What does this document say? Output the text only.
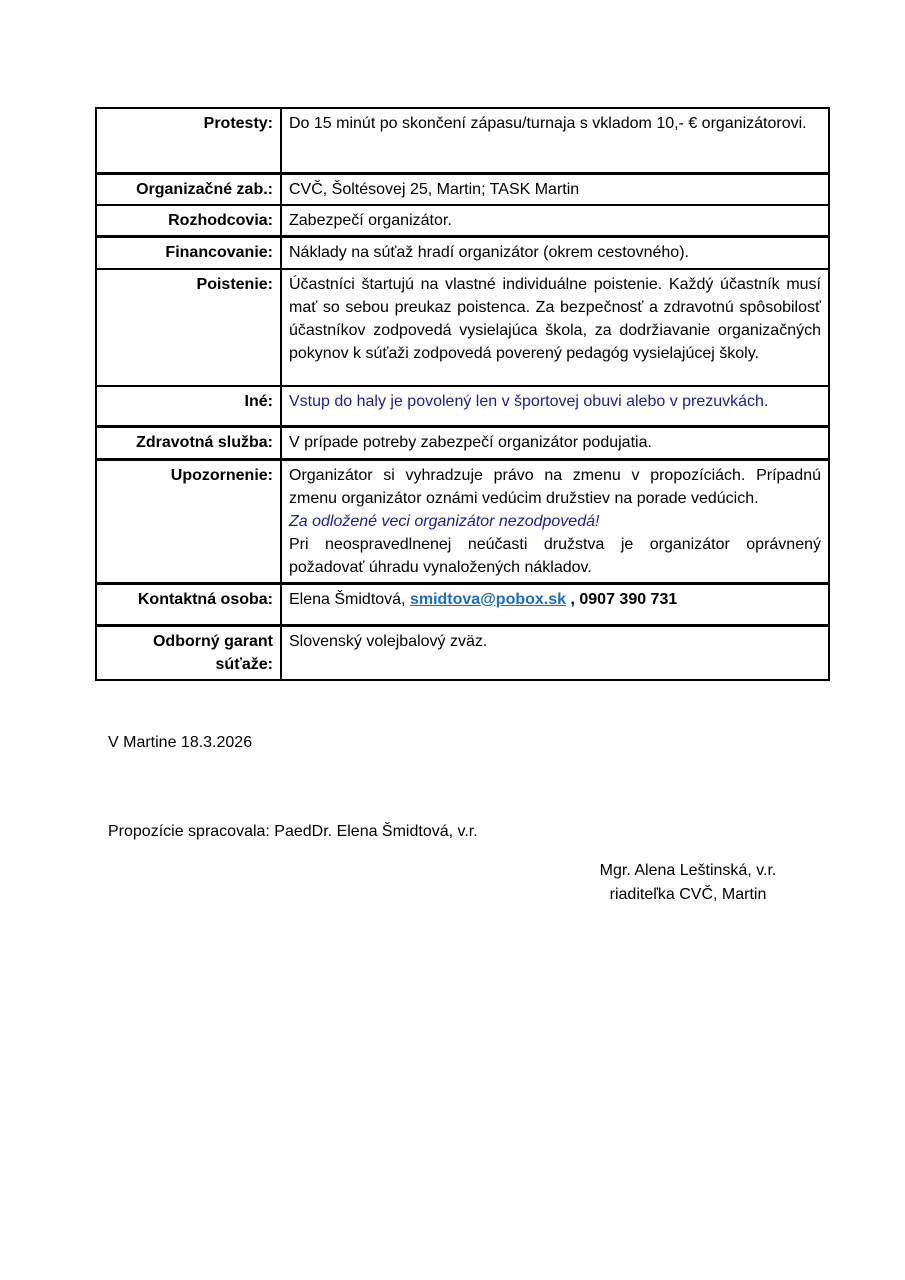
Protesty:	Do 15 minút po skončení zápasu/turnaja s vkladom 10,- € organizátorovi.
Organizačné zab.:	CVČ, Šoltésovej 25, Martin; TASK Martin
Rozhodcovia:	Zabezpečí organizátor.
Financovanie:	Náklady na súťaž hradí organizátor (okrem cestovného).
Poistenie:	Účastníci štartujú na vlastné individuálne poistenie. Každý účastník musí mať so sebou preukaz poistenca. Za bezpečnosť a zdravotnú spôsobilosť účastníkov zodpovedá vysielajúca škola, za dodržiavanie organizačných pokynov k súťaži zodpovedá poverený pedagóg vysielajúcej školy.
Iné:	Vstup do haly je povolený len v športovej obuvi alebo v prezuvkách.
Zdravotná služba:	V prípade potreby zabezpečí organizátor podujatia.
Upozornenie:	Organizátor si vyhradzuje právo na zmenu v propozíciách. Prípadnú zmenu organizátor oznámi vedúcim družstiev na porade vedúcich.
Za odložené veci organizátor nezodpovedá!
Pri neospravedlnenej neúčasti družstva je organizátor oprávnený požadovať úhradu vynaložených nákladov.

Kontaktná osoba:	Elena Šmidtová, smidtova@pobox.sk , 0907 390 731
Odborný garant súťaže:	Slovenský volejbalový zväz.
V Martine 18.3.2026
Propozície spracovala: PaedDr. Elena Šmidtová, v.r.
Mgr. Alena Leštinská, v.r.
riaditeľka CVČ, Martin
